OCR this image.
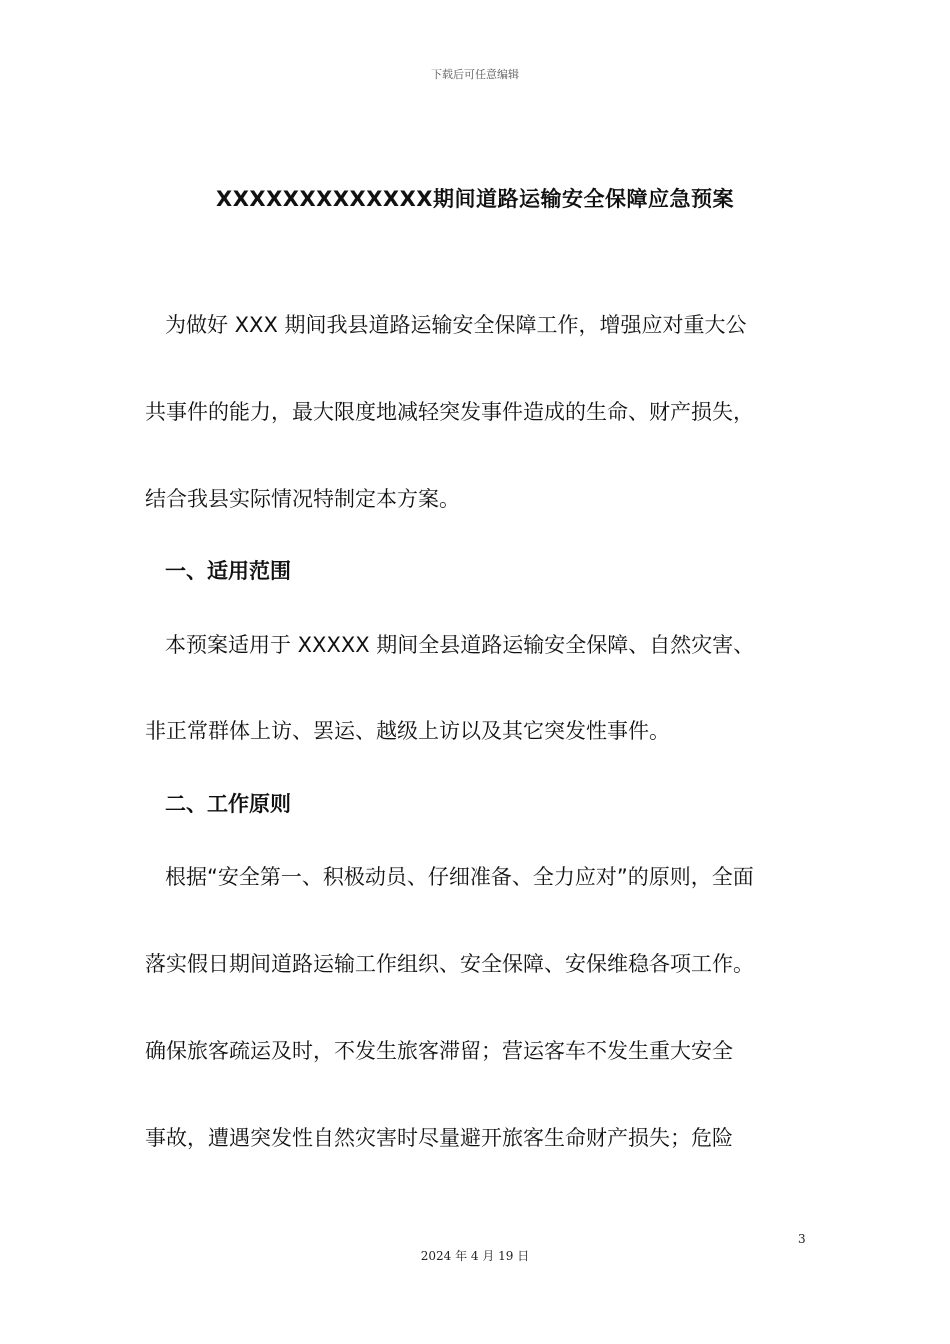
下载后可任意编辑
XXXXXXXXXXXXX期间道路运输安全保障应急预案
为做好 XXX 期间我县道路运输安全保障工作，增强应对重大公
共事件的能力，最大限度地减轻突发事件造成的生命、财产损失，
结合我县实际情况特制定本方案。
一、适用范围
本预案适用于 XXXXX 期间全县道路运输安全保障、自然灾害、
非正常群体上访、罢运、越级上访以及其它突发性事件。
二、工作原则
根据“安全第一、积极动员、仔细准备、全力应对”的原则，全面
落实假日期间道路运输工作组织、安全保障、安保维稳各项工作。
确保旅客疏运及时，不发生旅客滞留；营运客车不发生重大安全
事故，遭遇突发性自然灾害时尽量避开旅客生命财产损失；危险
3
2024 年 4 月 19 日
